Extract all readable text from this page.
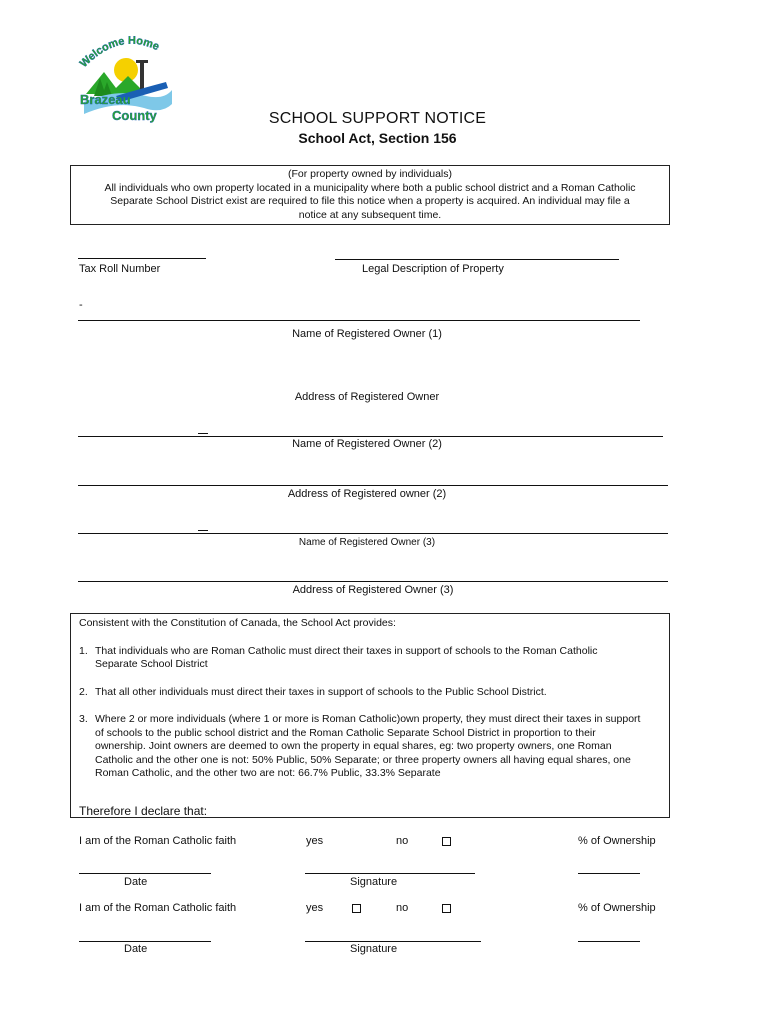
Welcome Home
Brazeau
County	SCHOOL SUPPORT NOTICE
School Act, Section 156
(For property owned by individuals)
All individuals who own property located in a municipality where both a public school district and a Roman Catholic
Separate School District exist are required to file this notice when a property is acquired. An individual may file a
notice at any subsequent time.
Tax Roll Number	Legal Description of Property
-
Name of Registered Owner (1)
Address of Registered Owner
Name of Registered Owner (2)
Address of Registered owner (2)
Name of Registered Owner (3)
Address of Registered Owner (3)
Consistent with the Constitution of Canada, the School Act provides:
1. That individuals who are Roman Catholic must direct their taxes in support of schools to the Roman Catholic Separate School District
2. That all other individuals must direct their taxes in support of schools to the Public School District.
3. Where 2 or more individuals (where 1 or more is Roman Catholic)own property, they must direct their taxes in support of schools to the public school district and the Roman Catholic Separate School District in proportion to their ownership. Joint owners are deemed to own the property in equal shares, eg: two property owners, one Roman Catholic and the other one is not: 50% Public, 50% Separate; or three property owners all having equal shares, one Roman Catholic, and the other two are not: 66.7% Public, 33.3% Separate
Therefore I declare that:
I am of the Roman Catholic faith	yes	no	% of Ownership
Date	Signature
I am of the Roman Catholic faith	yes	no	% of Ownership
Date	Signature
